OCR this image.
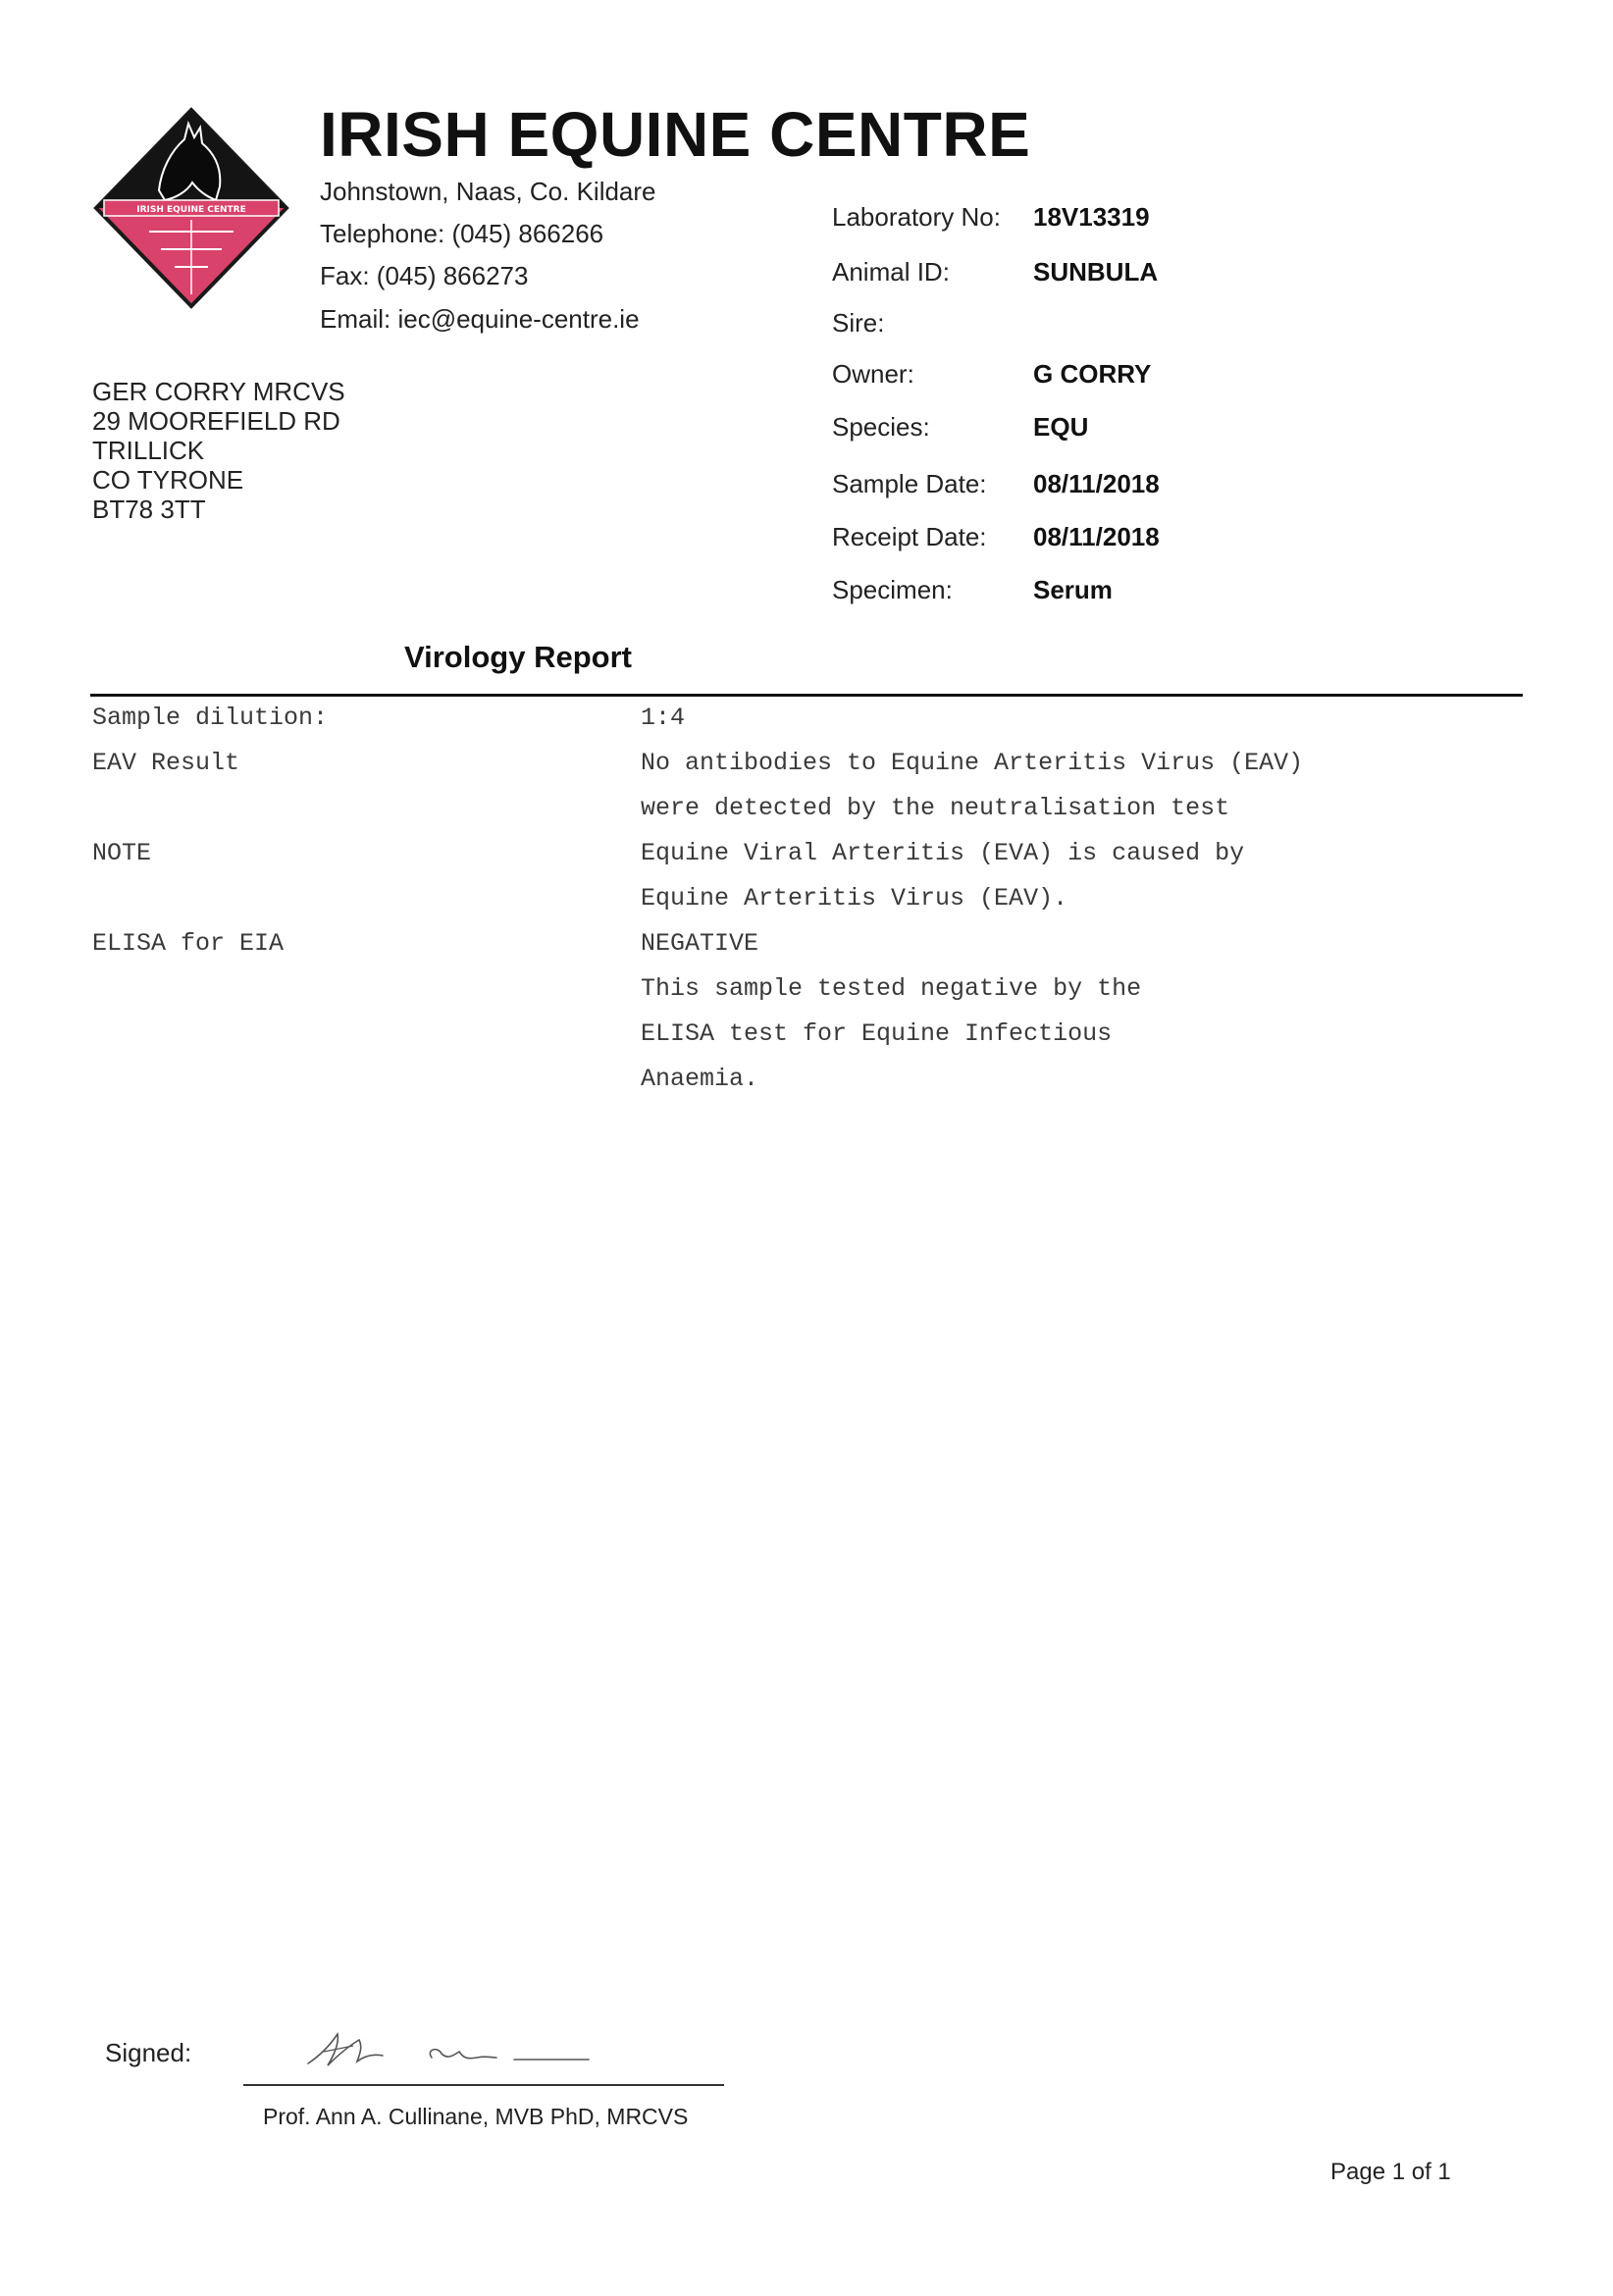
IRISH EQUINE CENTRE
IRISH EQUINE CENTRE
Johnstown, Naas, Co. Kildare
Telephone: (045) 866266
Fax: (045) 866273
Email: iec@equine-centre.ie
GER CORRY MRCVS
29 MOOREFIELD RD
TRILLICK
CO TYRONE
BT78 3TT
Laboratory No: 18V13319
Animal ID:	SUNBULA
Sire:
Owner:	G CORRY
Species:	EQU
Sample Date: 08/11/2018
Receipt Date: 08/11/2018
Specimen:	Serum
Virology Report
Sample dilution:	1:4
EAV Result	No antibodies to Equine Arteritis Virus (EAV)
were detected by the neutralisation test
NOTE	Equine Viral Arteritis (EVA) is caused by
Equine Arteritis Virus (EAV).
ELISA for EIA	NEGATIVE
This sample tested negative by the
ELISA test for Equine Infectious
Anaemia.
Signed:
Prof. Ann A. Cullinane, MVB PhD, MRCVS
Page 1 of 1
